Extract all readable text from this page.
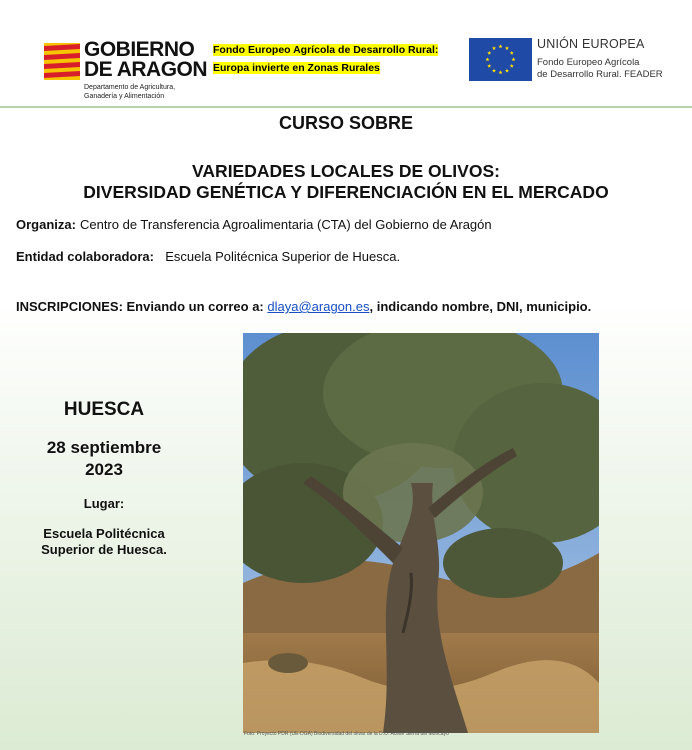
GOBIERNO
DE ARAGON
Departamento de Agricultura,
Ganadería y Alimentación
Fondo Europeo Agrícola de Desarrollo Rural:
Europa invierte en Zonas Rurales
UNIÓN EUROPEA
Fondo Europeo Agrícola
de Desarrollo Rural. FEADER
CURSO SOBRE
VARIEDADES LOCALES DE OLIVOS:
DIVERSIDAD GENÉTICA Y DIFERENCIACIÓN EN EL MERCADO
Organiza: Centro de Transferencia Agroalimentaria (CTA) del Gobierno de Aragón
Entidad colaboradora: Escuela Politécnica Superior de Huesca.
INSCRIPCIONES: Enviando un correo a: dlaya@aragon.es, indicando nombre, DNI, municipio.
HUESCA
28 septiembre
2023
Lugar:
Escuela Politécnica
Superior de Huesca.
Foto: Proyecto PDR (UE-DGA) Biodiversidad del olivar de la D.O. Aceite Sierra del Moncayo
